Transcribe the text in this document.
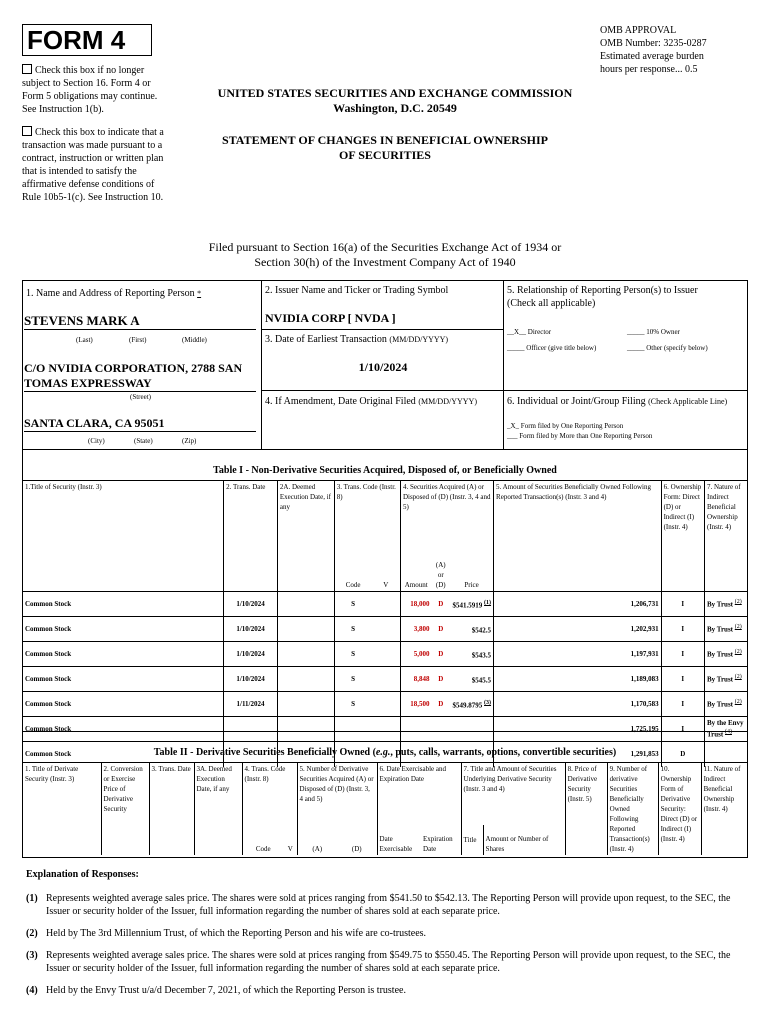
FORM 4	OMB APPROVAL
OMB Number: 3235-0287
Estimated average burden
hours per response... 0.5
Check this box if no longer subject to Section 16. Form 4 or Form 5 obligations may continue. See Instruction 1(b).
Check this box to indicate that a transaction was made pursuant to a contract, instruction or written plan that is intended to satisfy the affirmative defense conditions of Rule 10b5-1(c). See Instruction 10.
UNITED STATES SECURITIES AND EXCHANGE COMMISSION
Washington, D.C. 20549
STATEMENT OF CHANGES IN BENEFICIAL OWNERSHIP OF SECURITIES
Filed pursuant to Section 16(a) of the Securities Exchange Act of 1934 or
Section 30(h) of the Investment Company Act of 1940
1. Name and Address of Reporting Person *
STEVENS MARK A
(Last)	(First)	(Middle)
C/O NVIDIA CORPORATION, 2788 SAN TOMAS EXPRESSWAY
(Street)
SANTA CLARA, CA 95051
(City)	(State)	(Zip)
2. Issuer Name and Ticker or Trading Symbol
NVIDIA CORP [ NVDA ]
3. Date of Earliest Transaction (MM/DD/YYYY)
1/10/2024
4. If Amendment, Date Original Filed (MM/DD/YYYY)
5. Relationship of Reporting Person(s) to Issuer
(Check all applicable)
__X__ Director	_____ 10% Owner
_____ Officer (give title below)	_____ Other (specify below)
6. Individual or Joint/Group Filing (Check Applicable Line)
_X_ Form filed by One Reporting Person
___ Form filed by More than One Reporting Person
Table I - Non-Derivative Securities Acquired, Disposed of, or Beneficially Owned
1.Title of Security (Instr. 3)	2. Trans. Date	2A. Deemed Execution Date, if any	3. Trans. Code (Instr. 8)		4. Securities Acquired (A) or Disposed of (D) (Instr. 3, 4 and 5)			5. Amount of Securities Beneficially Owned Following Reported Transaction(s) (Instr. 3 and 4)	6. Ownership Form: Direct (D) or Indirect (I) (Instr. 4)	7. Nature of Indirect Beneficial Ownership (Instr. 4)
			Code	V	Amount	(A) or (D)	Price			
Common Stock	1/10/2024		S		18,000	D	$541.5919 $^{(1)}$	1,206,731	I	By Trust $^{(2)}$
Common Stock	1/10/2024		S		3,800	D	$542.5	1,202,931	I	By Trust $^{(2)}$
Common Stock	1/10/2024		S		5,000	D	$543.5	1,197,931	I	By Trust $^{(2)}$
Common Stock	1/10/2024		S		8,848	D	$545.5	1,189,083	I	By Trust $^{(2)}$
Common Stock	1/11/2024		S		18,500	D	$549.8795 $^{(3)}$	1,170,583	I	By Trust $^{(2)}$
Common Stock								1,725,195	I	By the Envy Trust $^{(4)}$
Common Stock								1,291,853	D	
Table II - Derivative Securities Beneficially Owned (e.g., puts, calls, warrants, options, convertible securities)
1. Title of Derivate Security (Instr. 3)	2. Conversion or Exercise Price of Derivative Security	3. Trans. Date	3A. Deemed Execution Date, if any	4. Trans. Code (Instr. 8)		5. Number of Derivative Securities Acquired (A) or Disposed of (D) (Instr. 3, 4 and 5)		6. Date Exercisable and Expiration Date		7. Title and Amount of Securities Underlying Derivative Security (Instr. 3 and 4)		8. Price of Derivative Security (Instr. 5)	9. Number of derivative Securities Beneficially Owned Following Reported Transaction(s) (Instr. 4)	10. Ownership Form of Derivative Security: Direct (D) or Indirect (I) (Instr. 4)	11. Nature of Indirect Beneficial Ownership (Instr. 4)
				Code	V	(A)	(D)	Date Exercisable	Expiration Date	Title	Amount or Number of Shares				
Explanation of Responses:
(1) Represents weighted average sales price. The shares were sold at prices ranging from $541.50 to $542.13. The Reporting Person will provide upon request, to the SEC, the Issuer or security holder of the Issuer, full information regarding the number of shares sold at each separate price.
(2) Held by The 3rd Millennium Trust, of which the Reporting Person and his wife are co-trustees.
(3) Represents weighted average sales price. The shares were sold at prices ranging from $549.75 to $550.45. The Reporting Person will provide upon request, to the SEC, the Issuer or security holder of the Issuer, full information regarding the number of shares sold at each separate price.
(4) Held by the Envy Trust u/a/d December 7, 2021, of which the Reporting Person is trustee.
